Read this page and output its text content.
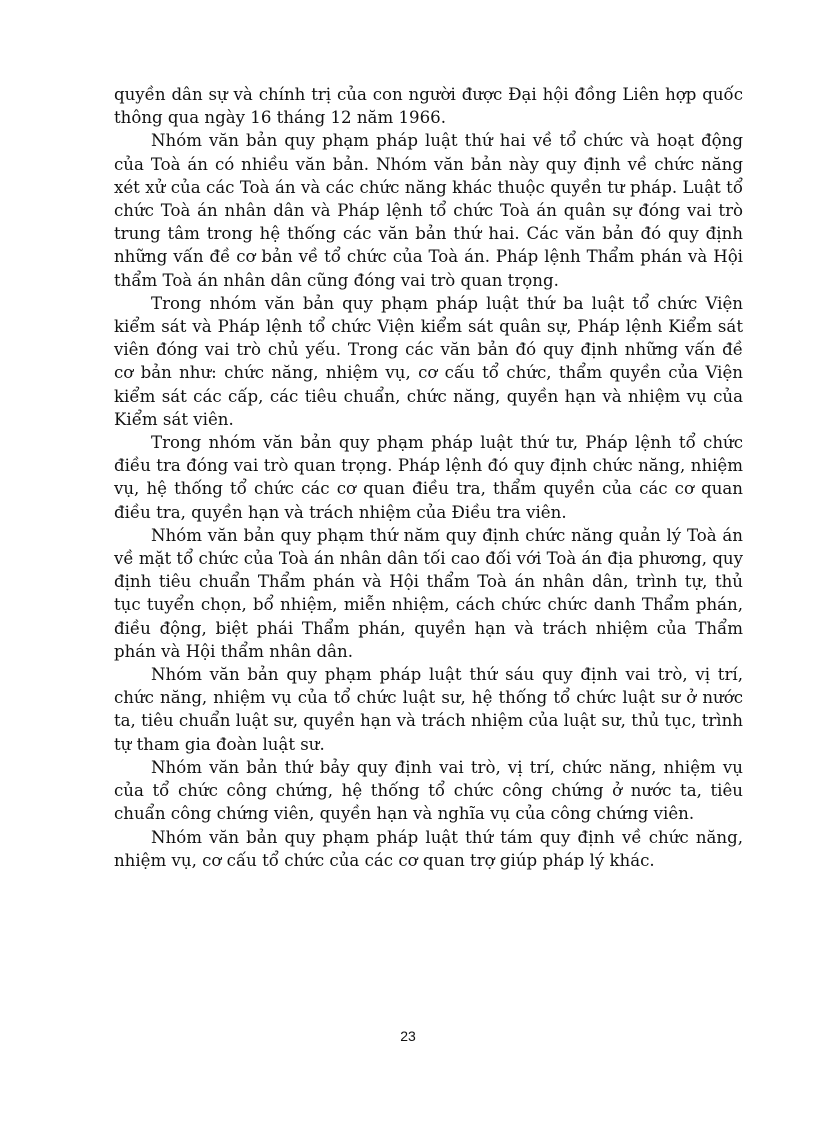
quyền dân sự và chính trị của con người được Đại hội đồng Liên hợp quốc thông qua ngày 16 tháng 12 năm 1966.

Nhóm văn bản quy phạm pháp luật thứ hai về tổ chức và hoạt động của Toà án có nhiều văn bản. Nhóm văn bản này quy định về chức năng xét xử của các Toà án và các chức năng khác thuộc quyền tư pháp. Luật tổ chức Toà án nhân dân và Pháp lệnh tổ chức Toà án quân sự đóng vai trò trung tâm trong hệ thống các văn bản thứ hai. Các văn bản đó quy định những vấn đề cơ bản về tổ chức của Toà án. Pháp lệnh Thẩm phán và Hội thẩm Toà án nhân dân cũng đóng vai trò quan trọng.

Trong nhóm văn bản quy phạm pháp luật thứ ba luật tổ chức Viện kiểm sát và Pháp lệnh tổ chức Viện kiểm sát quân sự, Pháp lệnh Kiểm sát viên đóng vai trò chủ yếu. Trong các văn bản đó quy định những vấn đề cơ bản như: chức năng, nhiệm vụ, cơ cấu tổ chức, thẩm quyền của Viện kiểm sát các cấp, các tiêu chuẩn, chức năng, quyền hạn và nhiệm vụ của Kiểm sát viên.

Trong nhóm văn bản quy phạm pháp luật thứ tư, Pháp lệnh tổ chức điều tra đóng vai trò quan trọng. Pháp lệnh đó quy định chức năng, nhiệm vụ, hệ thống tổ chức các cơ quan điều tra, thẩm quyền của các cơ quan điều tra, quyền hạn và trách nhiệm của Điều tra viên.

Nhóm văn bản quy phạm thứ năm quy định chức năng quản lý Toà án về mặt tổ chức của Toà án nhân dân tối cao đối với Toà án địa phương, quy định tiêu chuẩn Thẩm phán và Hội thẩm Toà án nhân dân, trình tự, thủ tục tuyển chọn, bổ nhiệm, miễn nhiệm, cách chức chức danh Thẩm phán, điều động, biệt phái Thẩm phán, quyền hạn và trách nhiệm của Thẩm phán và Hội thẩm nhân dân.

Nhóm văn bản quy phạm pháp luật thứ sáu quy định vai trò, vị trí, chức năng, nhiệm vụ của tổ chức luật sư, hệ thống tổ chức luật sư ở nước ta, tiêu chuẩn luật sư, quyền hạn và trách nhiệm của luật sư, thủ tục, trình tự tham gia đoàn luật sư.

Nhóm văn bản thứ bảy quy định vai trò, vị trí, chức năng, nhiệm vụ của tổ chức công chứng, hệ thống tổ chức công chứng ở nước ta, tiêu chuẩn công chứng viên, quyền hạn và nghĩa vụ của công chứng viên.

Nhóm văn bản quy phạm pháp luật thứ tám quy định về chức năng, nhiệm vụ, cơ cấu tổ chức của các cơ quan trợ giúp pháp lý khác.

23
